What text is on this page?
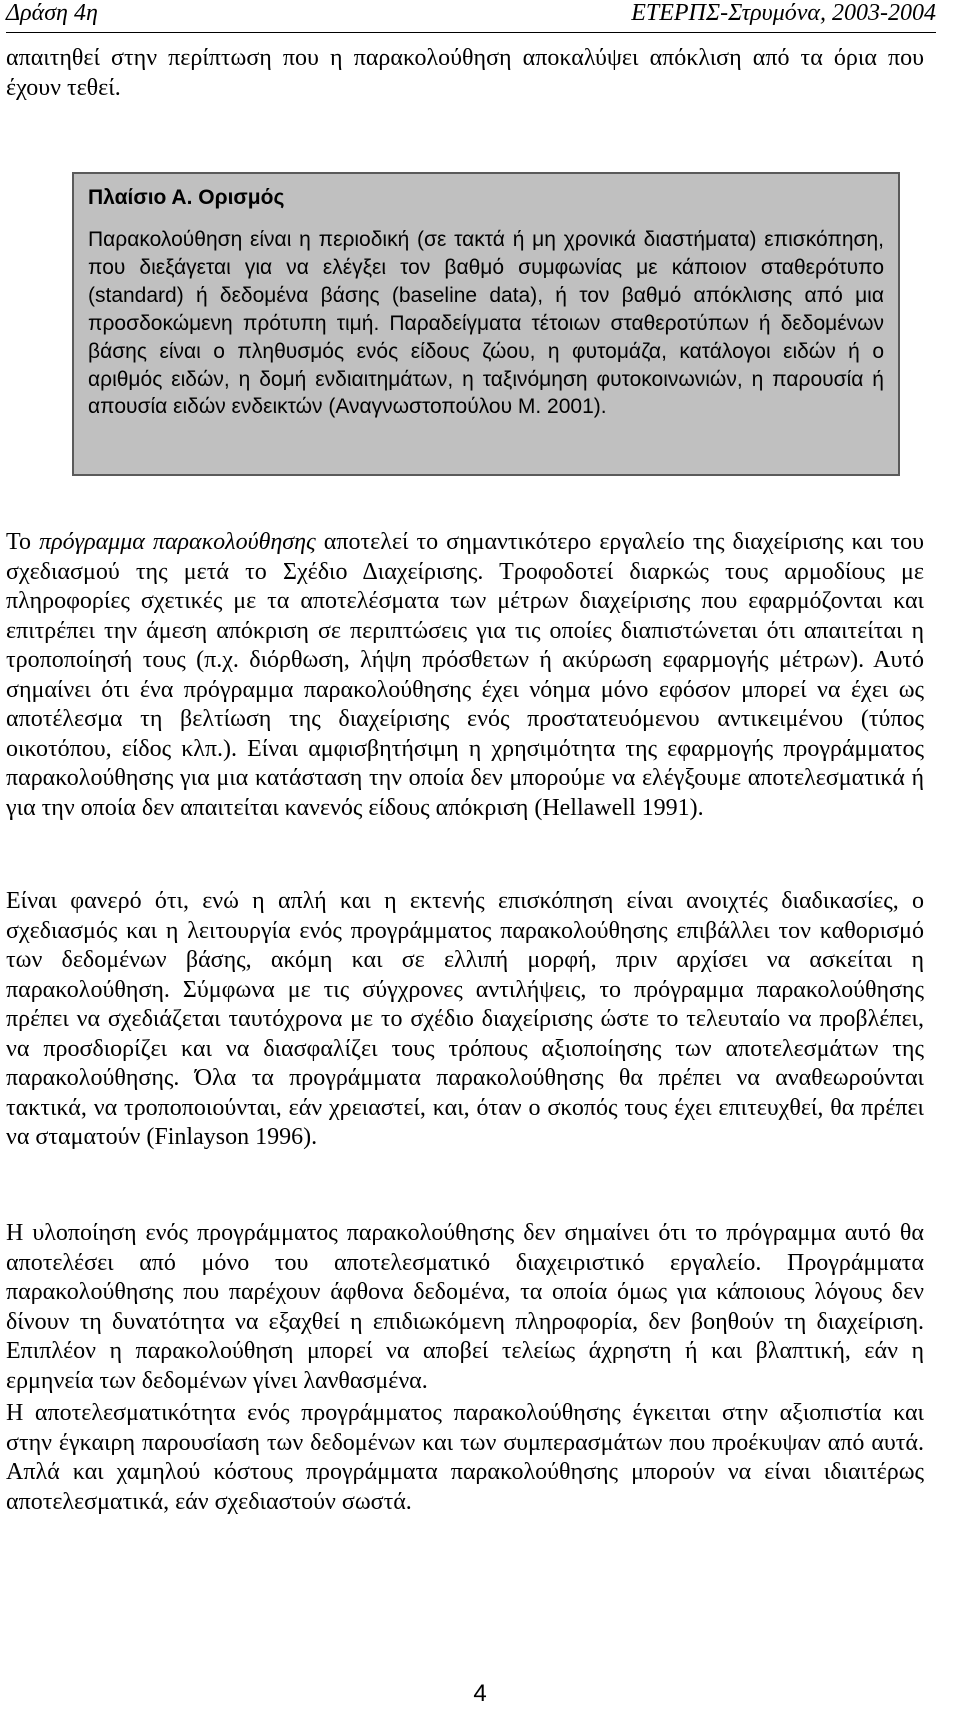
Δράση 4η	ΕΤΕΡΠΣ-Στρυμόνα, 2003-2004

απαιτηθεί στην περίπτωση που η παρακολούθηση αποκαλύψει απόκλιση από τα όρια που έχουν τεθεί.

Πλαίσιο Α. Ορισμός

Παρακολούθηση είναι η περιοδική (σε τακτά ή μη χρονικά διαστήματα) επισκόπηση, που διεξάγεται για να ελέγξει τον βαθμό συμφωνίας με κάποιον σταθερότυπο (standard) ή δεδομένα βάσης (baseline data), ή τον βαθμό απόκλισης από μια προσδοκώμενη πρότυπη τιμή. Παραδείγματα τέτοιων σταθεροτύπων ή δεδομένων βάσης είναι ο πληθυσμός ενός είδους ζώου, η φυτομάζα, κατάλογοι ειδών ή ο αριθμός ειδών, η δομή ενδιαιτημάτων, η ταξινόμηση φυτοκοινωνιών, η παρουσία ή απουσία ειδών ενδεικτών (Αναγνωστοπούλου Μ. 2001).

Το πρόγραμμα παρακολούθησης αποτελεί το σημαντικότερο εργαλείο της διαχείρισης και του σχεδιασμού της μετά το Σχέδιο Διαχείρισης. Τροφοδοτεί διαρκώς τους αρμοδίους με πληροφορίες σχετικές με τα αποτελέσματα των μέτρων διαχείρισης που εφαρμόζονται και επιτρέπει την άμεση απόκριση σε περιπτώσεις για τις οποίες διαπιστώνεται ότι απαιτείται η τροποποίησή τους (π.χ. διόρθωση, λήψη πρόσθετων ή ακύρωση εφαρμογής μέτρων). Αυτό σημαίνει ότι ένα πρόγραμμα παρακολούθησης έχει νόημα μόνο εφόσον μπορεί να έχει ως αποτέλεσμα τη βελτίωση της διαχείρισης ενός προστατευόμενου αντικειμένου (τύπος οικοτόπου, είδος κλπ.). Είναι αμφισβητήσιμη η χρησιμότητα της εφαρμογής προγράμματος παρακολούθησης για μια κατάσταση την οποία δεν μπορούμε να ελέγξουμε αποτελεσματικά ή για την οποία δεν απαιτείται κανενός είδους απόκριση (Hellawell 1991).

Είναι φανερό ότι, ενώ η απλή και η εκτενής επισκόπηση είναι ανοιχτές διαδικασίες, ο σχεδιασμός και η λειτουργία ενός προγράμματος παρακολούθησης επιβάλλει τον καθορισμό των δεδομένων βάσης, ακόμη και σε ελλιπή μορφή, πριν αρχίσει να ασκείται η παρακολούθηση. Σύμφωνα με τις σύγχρονες αντιλήψεις, το πρόγραμμα παρακολούθησης πρέπει να σχεδιάζεται ταυτόχρονα με το σχέδιο διαχείρισης ώστε το τελευταίο να προβλέπει, να προσδιορίζει και να διασφαλίζει τους τρόπους αξιοποίησης των αποτελεσμάτων της παρακολούθησης. Όλα τα προγράμματα παρακολούθησης θα πρέπει να αναθεωρούνται τακτικά, να τροποποιούνται, εάν χρειαστεί, και, όταν ο σκοπός τους έχει επιτευχθεί, θα πρέπει να σταματούν (Finlayson 1996).

Η υλοποίηση ενός προγράμματος παρακολούθησης δεν σημαίνει ότι το πρόγραμμα αυτό θα αποτελέσει από μόνο του αποτελεσματικό διαχειριστικό εργαλείο. Προγράμματα παρακολούθησης που παρέχουν άφθονα δεδομένα, τα οποία όμως για κάποιους λόγους δεν δίνουν τη δυνατότητα να εξαχθεί η επιδιωκόμενη πληροφορία, δεν βοηθούν τη διαχείριση. Επιπλέον η παρακολούθηση μπορεί να αποβεί τελείως άχρηστη ή και βλαπτική, εάν η ερμηνεία των δεδομένων γίνει λανθασμένα.

Η αποτελεσματικότητα ενός προγράμματος παρακολούθησης έγκειται στην αξιοπιστία και στην έγκαιρη παρουσίαση των δεδομένων και των συμπερασμάτων που προέκυψαν από αυτά. Απλά και χαμηλού κόστους προγράμματα παρακολούθησης μπορούν να είναι ιδιαιτέρως αποτελεσματικά, εάν σχεδιαστούν σωστά.

4
